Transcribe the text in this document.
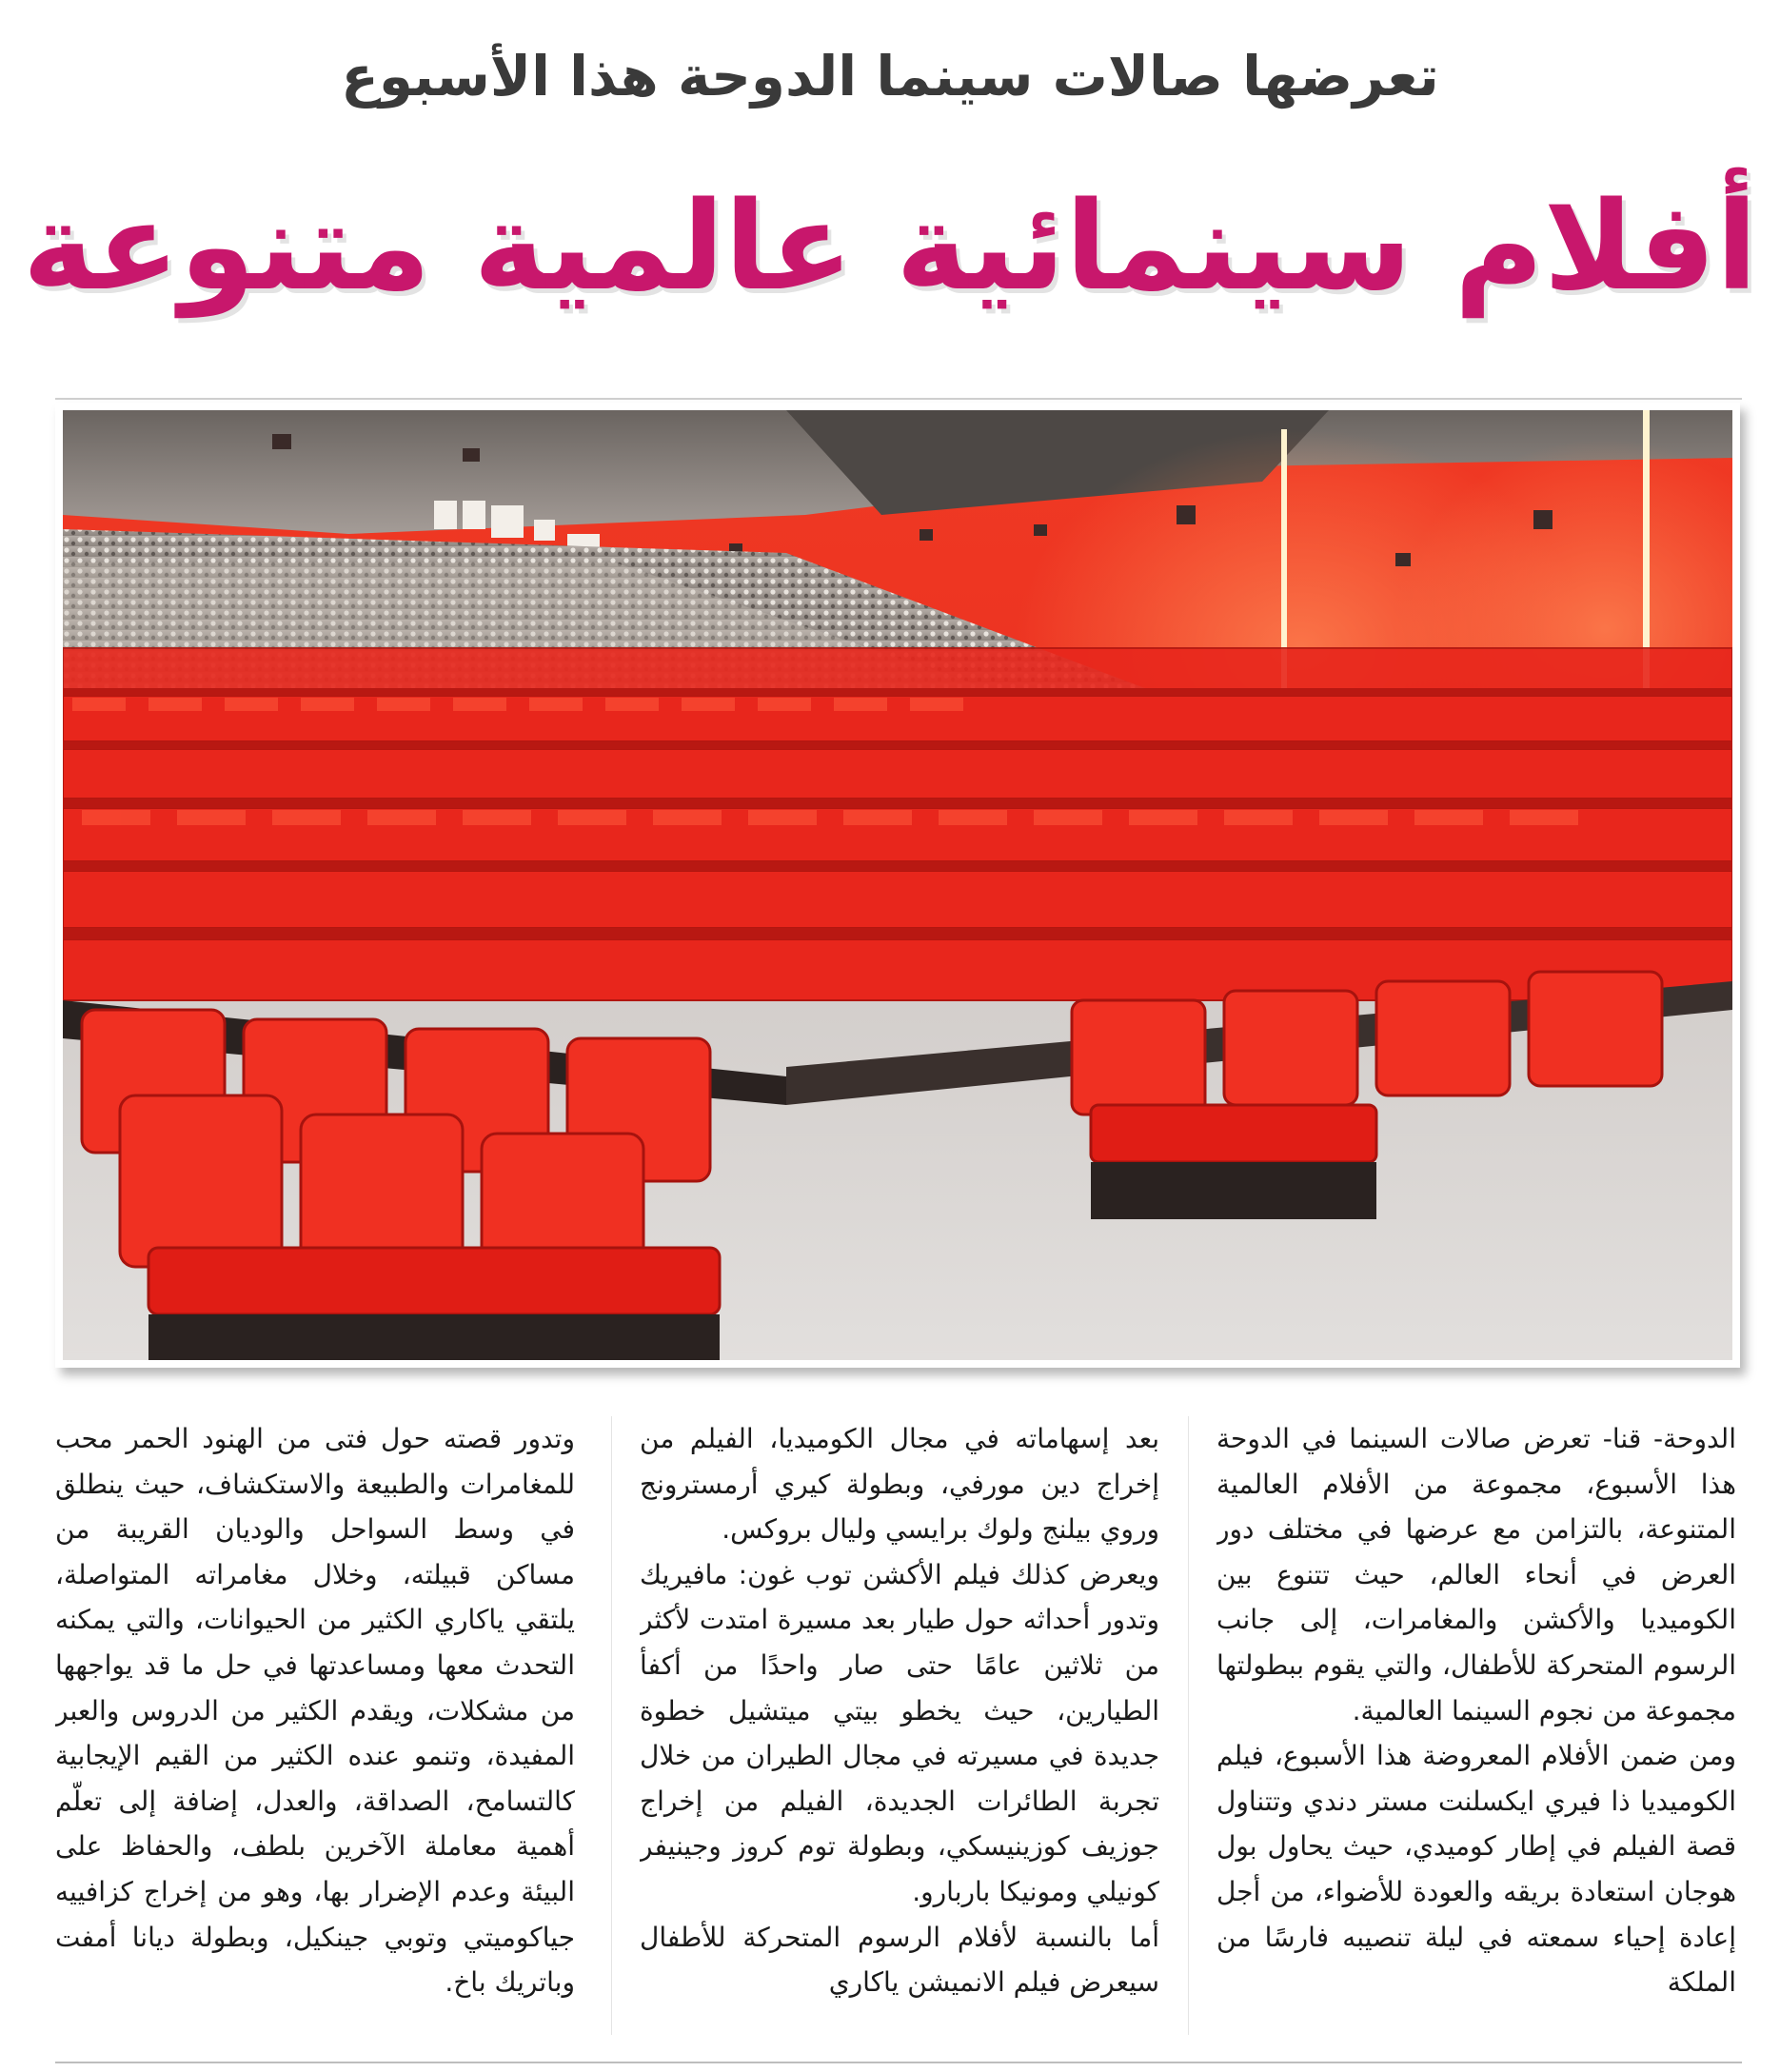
تعرضها صالات سينما الدوحة هذا الأسبوع
أفلام سينمائية عالمية متنوعة

الدوحة- قنا- تعرض صالات السينما في الدوحة هذا الأسبوع، مجموعة من الأفلام العالمية المتنوعة، بالتزامن مع عرضها في مختلف دور العرض في أنحاء العالم، حيث تتنوع بين الكوميديا والأكشن والمغامرات، إلى جانب الرسوم المتحركة للأطفال، والتي يقوم ببطولتها مجموعة من نجوم السينما العالمية.

ومن ضمن الأفلام المعروضة هذا الأسبوع، فيلم الكوميديا ذا فيري ايكسلنت مستر دندي وتتناول قصة الفيلم في إطار كوميدي، حيث يحاول بول هوجان استعادة بريقه والعودة للأضواء، من أجل إعادة إحياء سمعته في ليلة تنصيبه فارسًا من الملكة

بعد إسهاماته في مجال الكوميديا، الفيلم من إخراج دين مورفي، وبطولة كيري أرمسترونج وروي بيلنج ولوك برايسي وليال بروكس.

ويعرض كذلك فيلم الأكشن توب غون: مافيريك وتدور أحداثه حول طيار بعد مسيرة امتدت لأكثر من ثلاثين عامًا حتى صار واحدًا من أكفأ الطيارين، حيث يخطو بيتي ميتشيل خطوة جديدة في مسيرته في مجال الطيران من خلال تجربة الطائرات الجديدة، الفيلم من إخراج جوزيف كوزينيسكي، وبطولة توم كروز وجينيفر كونيلي ومونيكا باربارو.

أما بالنسبة لأفلام الرسوم المتحركة للأطفال سيعرض فيلم الانميشن ياكاري

وتدور قصته حول فتى من الهنود الحمر محب للمغامرات والطبيعة والاستكشاف، حيث ينطلق في وسط السواحل والوديان القريبة من مساكن قبيلته، وخلال مغامراته المتواصلة، يلتقي ياكاري الكثير من الحيوانات، والتي يمكنه التحدث معها ومساعدتها في حل ما قد يواجهها من مشكلات، ويقدم الكثير من الدروس والعبر المفيدة، وتنمو عنده الكثير من القيم الإيجابية كالتسامح، الصداقة، والعدل، إضافة إلى تعلّم أهمية معاملة الآخرين بلطف، والحفاظ على البيئة وعدم الإضرار بها، وهو من إخراج كزافييه جياكوميتي وتوبي جينكيل، وبطولة ديانا أمفت وباتريك باخ.
